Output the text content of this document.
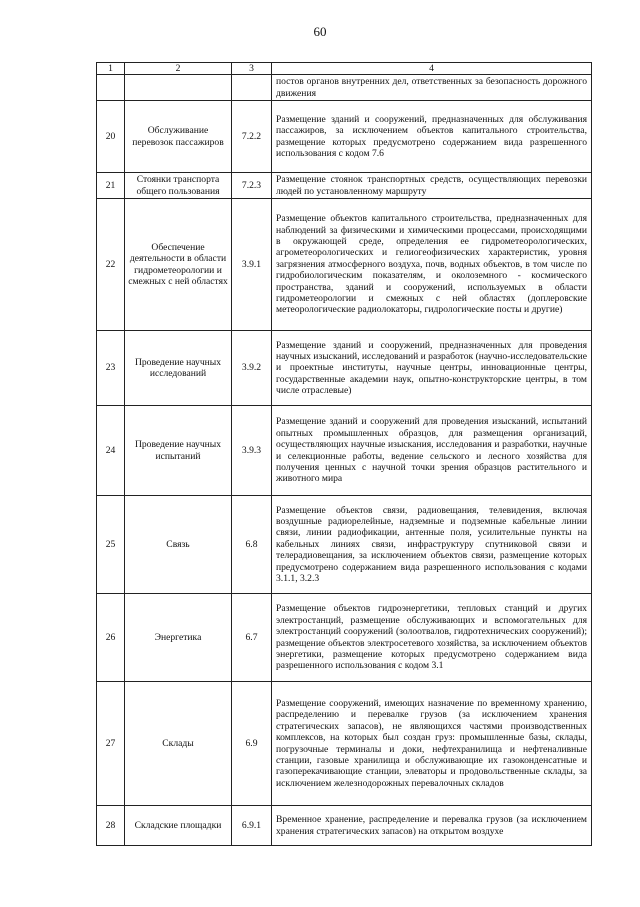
60
1	2	3	4
			постов органов внутренних дел, ответственных за безопасность дорожного движения
20	Обслуживание перевозок пассажиров	7.2.2	Размещение зданий и сооружений, предназначенных для обслуживания пассажиров, за исключением объектов капитального строительства, размещение которых предусмотрено содержанием вида разрешенного использования с кодом 7.6
21	Стоянки транспорта общего пользования	7.2.3	Размещение стоянок транспортных средств, осуществляющих перевозки людей по установленному маршруту
22	Обеспечение деятельности в области гидрометеорологии и смежных с ней областях	3.9.1	Размещение объектов капитального строительства, предназначенных для наблюдений за физическими и химическими процессами, происходящими в окружающей среде, определения ее гидрометеорологических, агрометеорологических и гелиогеофизических характеристик, уровня загрязнения атмосферного воздуха, почв, водных объектов, в том числе по гидробиологическим показателям, и околоземного - космического пространства, зданий и сооружений, используемых в области гидрометеорологии и смежных с ней областях (доплеровские метеорологические радиолокаторы, гидрологические посты и другие)
23	Проведение научных исследований	3.9.2	Размещение зданий и сооружений, предназначенных для проведения научных изысканий, исследований и разработок (научно-исследовательские и проектные институты, научные центры, инновационные центры, государственные академии наук, опытно-конструкторские центры, в том числе отраслевые)
24	Проведение научных испытаний	3.9.3	Размещение зданий и сооружений для проведения изысканий, испытаний опытных промышленных образцов, для размещения организаций, осуществляющих научные изыскания, исследования и разработки, научные и селекционные работы, ведение сельского и лесного хозяйства для получения ценных с научной точки зрения образцов растительного и животного мира
25	Связь	6.8	Размещение объектов связи, радиовещания, телевидения, включая воздушные радиорелейные, надземные и подземные кабельные линии связи, линии радиофикации, антенные поля, усилительные пункты на кабельных линиях связи, инфраструктуру спутниковой связи и телерадиовещания, за исключением объектов связи, размещение которых предусмотрено содержанием вида разрешенного использования с кодами 3.1.1, 3.2.3
26	Энергетика	6.7	Размещение объектов гидроэнергетики, тепловых станций и других электростанций, размещение обслуживающих и вспомогательных для электростанций сооружений (золоотвалов, гидротехнических сооружений); размещение объектов электросетевого хозяйства, за исключением объектов энергетики, размещение которых предусмотрено содержанием вида разрешенного использования с кодом 3.1
27	Склады	6.9	Размещение сооружений, имеющих назначение по временному хранению, распределению и перевалке грузов (за исключением хранения стратегических запасов), не являющихся частями производственных комплексов, на которых был создан груз: промышленные базы, склады, погрузочные терминалы и доки, нефтехранилища и нефтеналивные станции, газовые хранилища и обслуживающие их газоконденсатные и газоперекачивающие станции, элеваторы и продовольственные склады, за исключением железнодорожных перевалочных складов
28	Складские площадки	6.9.1	Временное хранение, распределение и перевалка грузов (за исключением хранения стратегических запасов) на открытом воздухе
